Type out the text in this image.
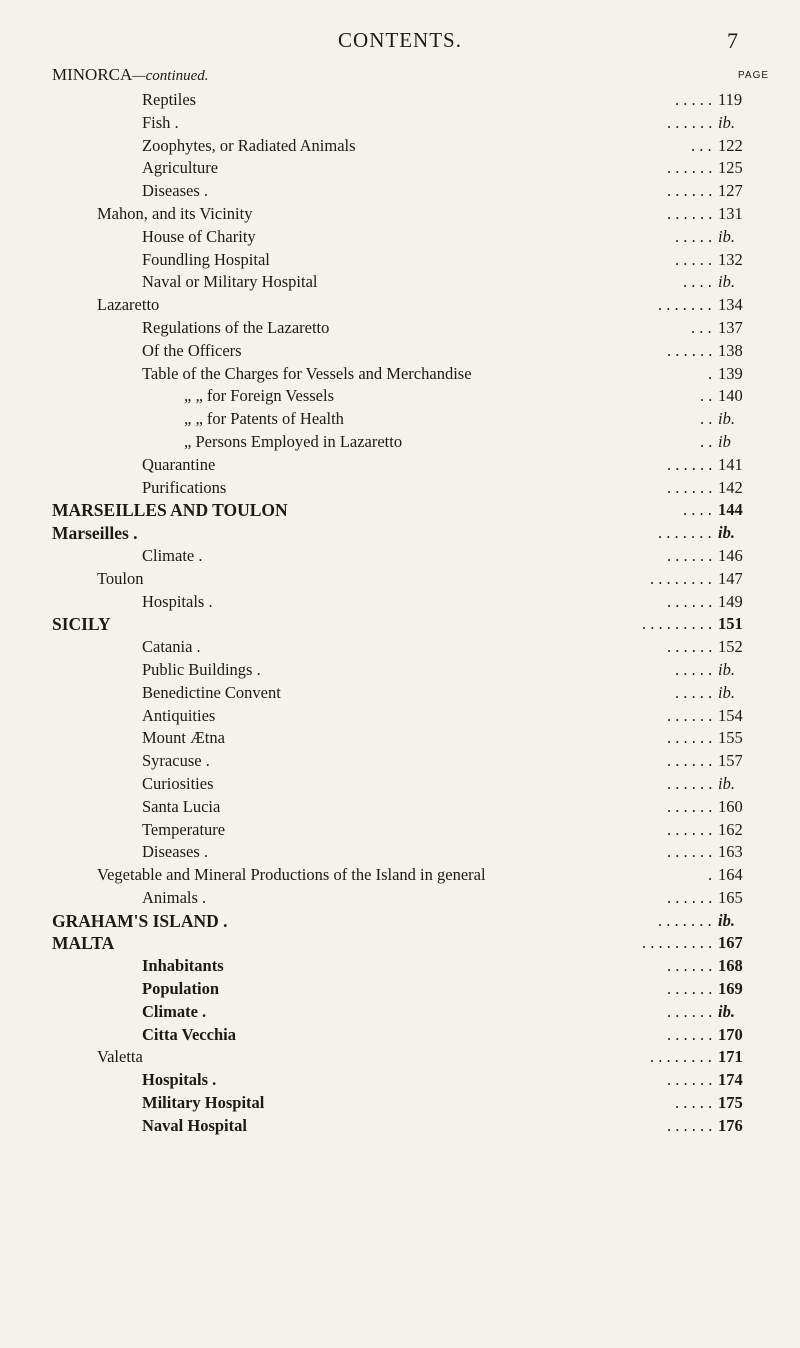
CONTENTS.	7
MINORCA—continued.	PAGE
Reptiles	. . . . . 119
Fish .	. . . . . . ib.
Zoophytes, or Radiated Animals	. . . 122
Agriculture	. . . . . . 125
Diseases .	. . . . . . 127
Mahon, and its Vicinity	. . . . . . 131
House of Charity	. . . . . ib.
Foundling Hospital	. . . . . 132
Naval or Military Hospital	. . . . ib.
Lazaretto	. . . . . . . 134
Regulations of the Lazaretto	. . . 137
Of the Officers	. . . . . . 138
Table of the Charges for Vessels and Merchandise	. 139
„ „ for Foreign Vessels	. . 140
„ „ for Patents of Health	. . ib.
„ Persons Employed in Lazaretto	. . ib
Quarantine	. . . . . . 141
Purifications	. . . . . . 142
MARSEILLES AND TOULON	. . . . 144
Marseilles .	. . . . . . . ib.
Climate .	. . . . . . 146
Toulon	. . . . . . . . 147
Hospitals .	. . . . . . 149
SICILY	. . . . . . . . . 151
Catania .	. . . . . . 152
Public Buildings .	. . . . . ib.
Benedictine Convent	. . . . . ib.
Antiquities	. . . . . . 154
Mount Ætna	. . . . . . 155
Syracuse .	. . . . . . 157
Curiosities	. . . . . . ib.
Santa Lucia	. . . . . . 160
Temperature	. . . . . . 162
Diseases .	. . . . . . 163
Vegetable and Mineral Productions of the Island in general	. 164
Animals .	. . . . . . 165
GRAHAM'S ISLAND .	. . . . . . . ib.
MALTA	. . . . . . . . . 167
Inhabitants	. . . . . . 168
Population	. . . . . . 169
Climate .	. . . . . . ib.
Citta Vecchia	. . . . . . 170
Valetta	. . . . . . . . 171
Hospitals .	. . . . . . 174
Military Hospital	. . . . . 175
Naval Hospital	. . . . . . 176
